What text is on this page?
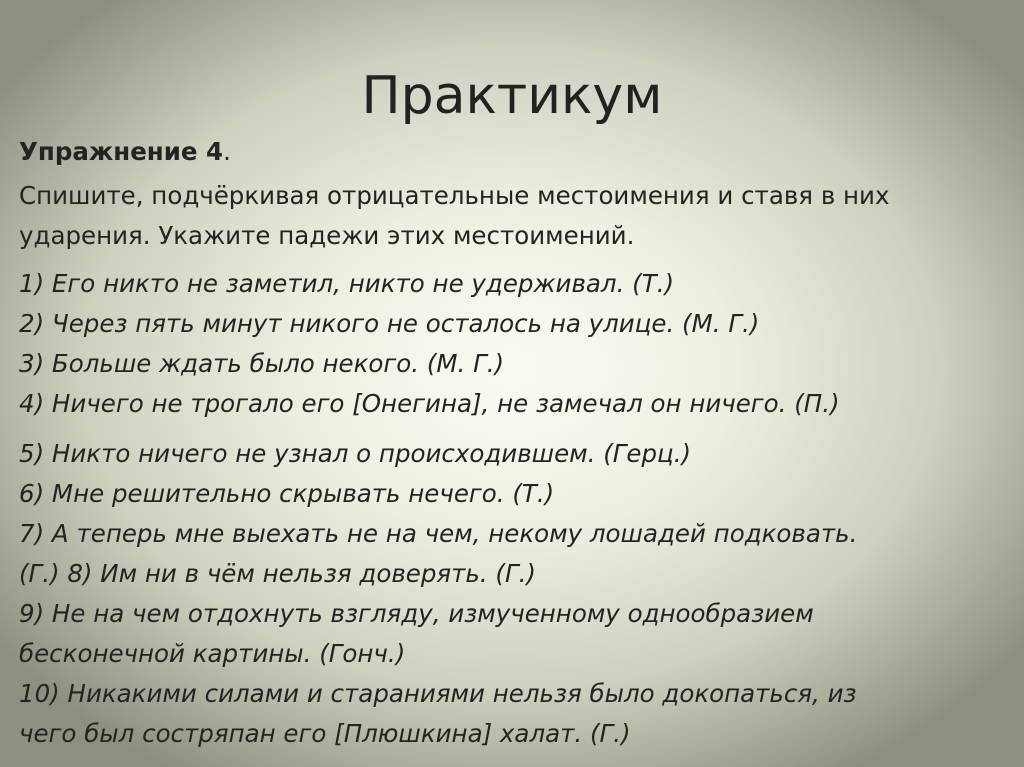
Практикум

Упражнение 4.

Спишите, подчёркивая отрицательные местоимения и ставя в них
ударения. Укажите падежи этих местоимений.

1) Его никто не заметил, никто не удерживал. (Т.)
2) Через пять минут никого не осталось на улице. (М. Г.)
3) Больше ждать было некого. (М. Г.)
4) Ничего не трогало его [Онегина], не замечал он ничего. (П.)
5) Никто ничего не узнал о происходившем. (Герц.)
6) Мне решительно скрывать нечего. (Т.)
7) А теперь мне выехать не на чем, некому лошадей подковать.
(Г.) 8) Им ни в чём нельзя доверять. (Г.)
9) Не на чем отдохнуть взгляду, измученному однообразием
бесконечной картины. (Гонч.)
10) Никакими силами и стараниями нельзя было докопаться, из
чего был состряпан его [Плюшкина] халат. (Г.)
